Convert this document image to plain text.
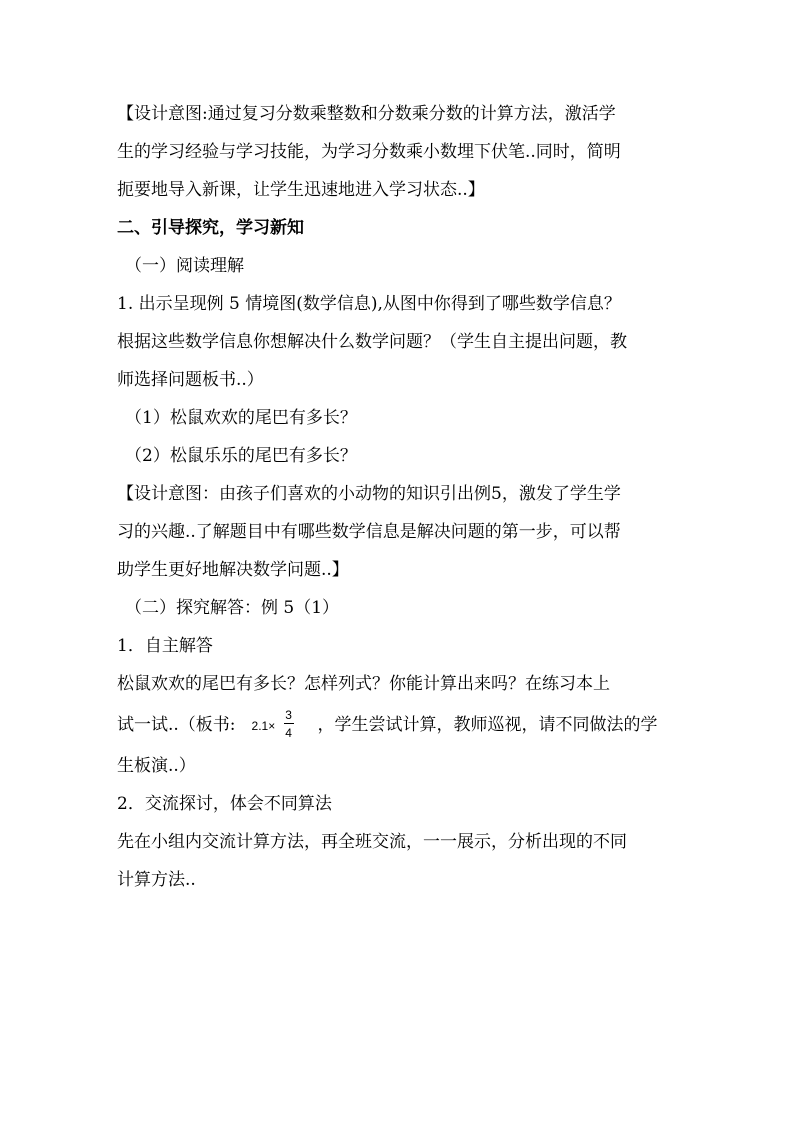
【设计意图:通过复习分数乘整数和分数乘分数的计算方法，激活学
生的学习经验与学习技能，为学习分数乘小数埋下伏笔..同时，简明
扼要地导入新课，让学生迅速地进入学习状态..】
二、引导探究，学习新知
（一）阅读理解
1. 出示呈现例 5 情境图(数学信息),从图中你得到了哪些数学信息？
根据这些数学信息你想解决什么数学问题？（学生自主提出问题，教
师选择问题板书..）
（1）松鼠欢欢的尾巴有多长？
（2）松鼠乐乐的尾巴有多长？
【设计意图：由孩子们喜欢的小动物的知识引出例5，激发了学生学
习的兴趣..了解题目中有哪些数学信息是解决问题的第一步，可以帮
助学生更好地解决数学问题..】
（二）探究解答：例 5（1）
1．自主解答
松鼠欢欢的尾巴有多长？怎样列式？你能计算出来吗？在练习本上
试一试..（板书: 2.1×
3
4 ，学生尝试计算，教师巡视，请不同做法的学
生板演..）
2．交流探讨，体会不同算法
先在小组内交流计算方法，再全班交流，一一展示，分析出现的不同
计算方法..
